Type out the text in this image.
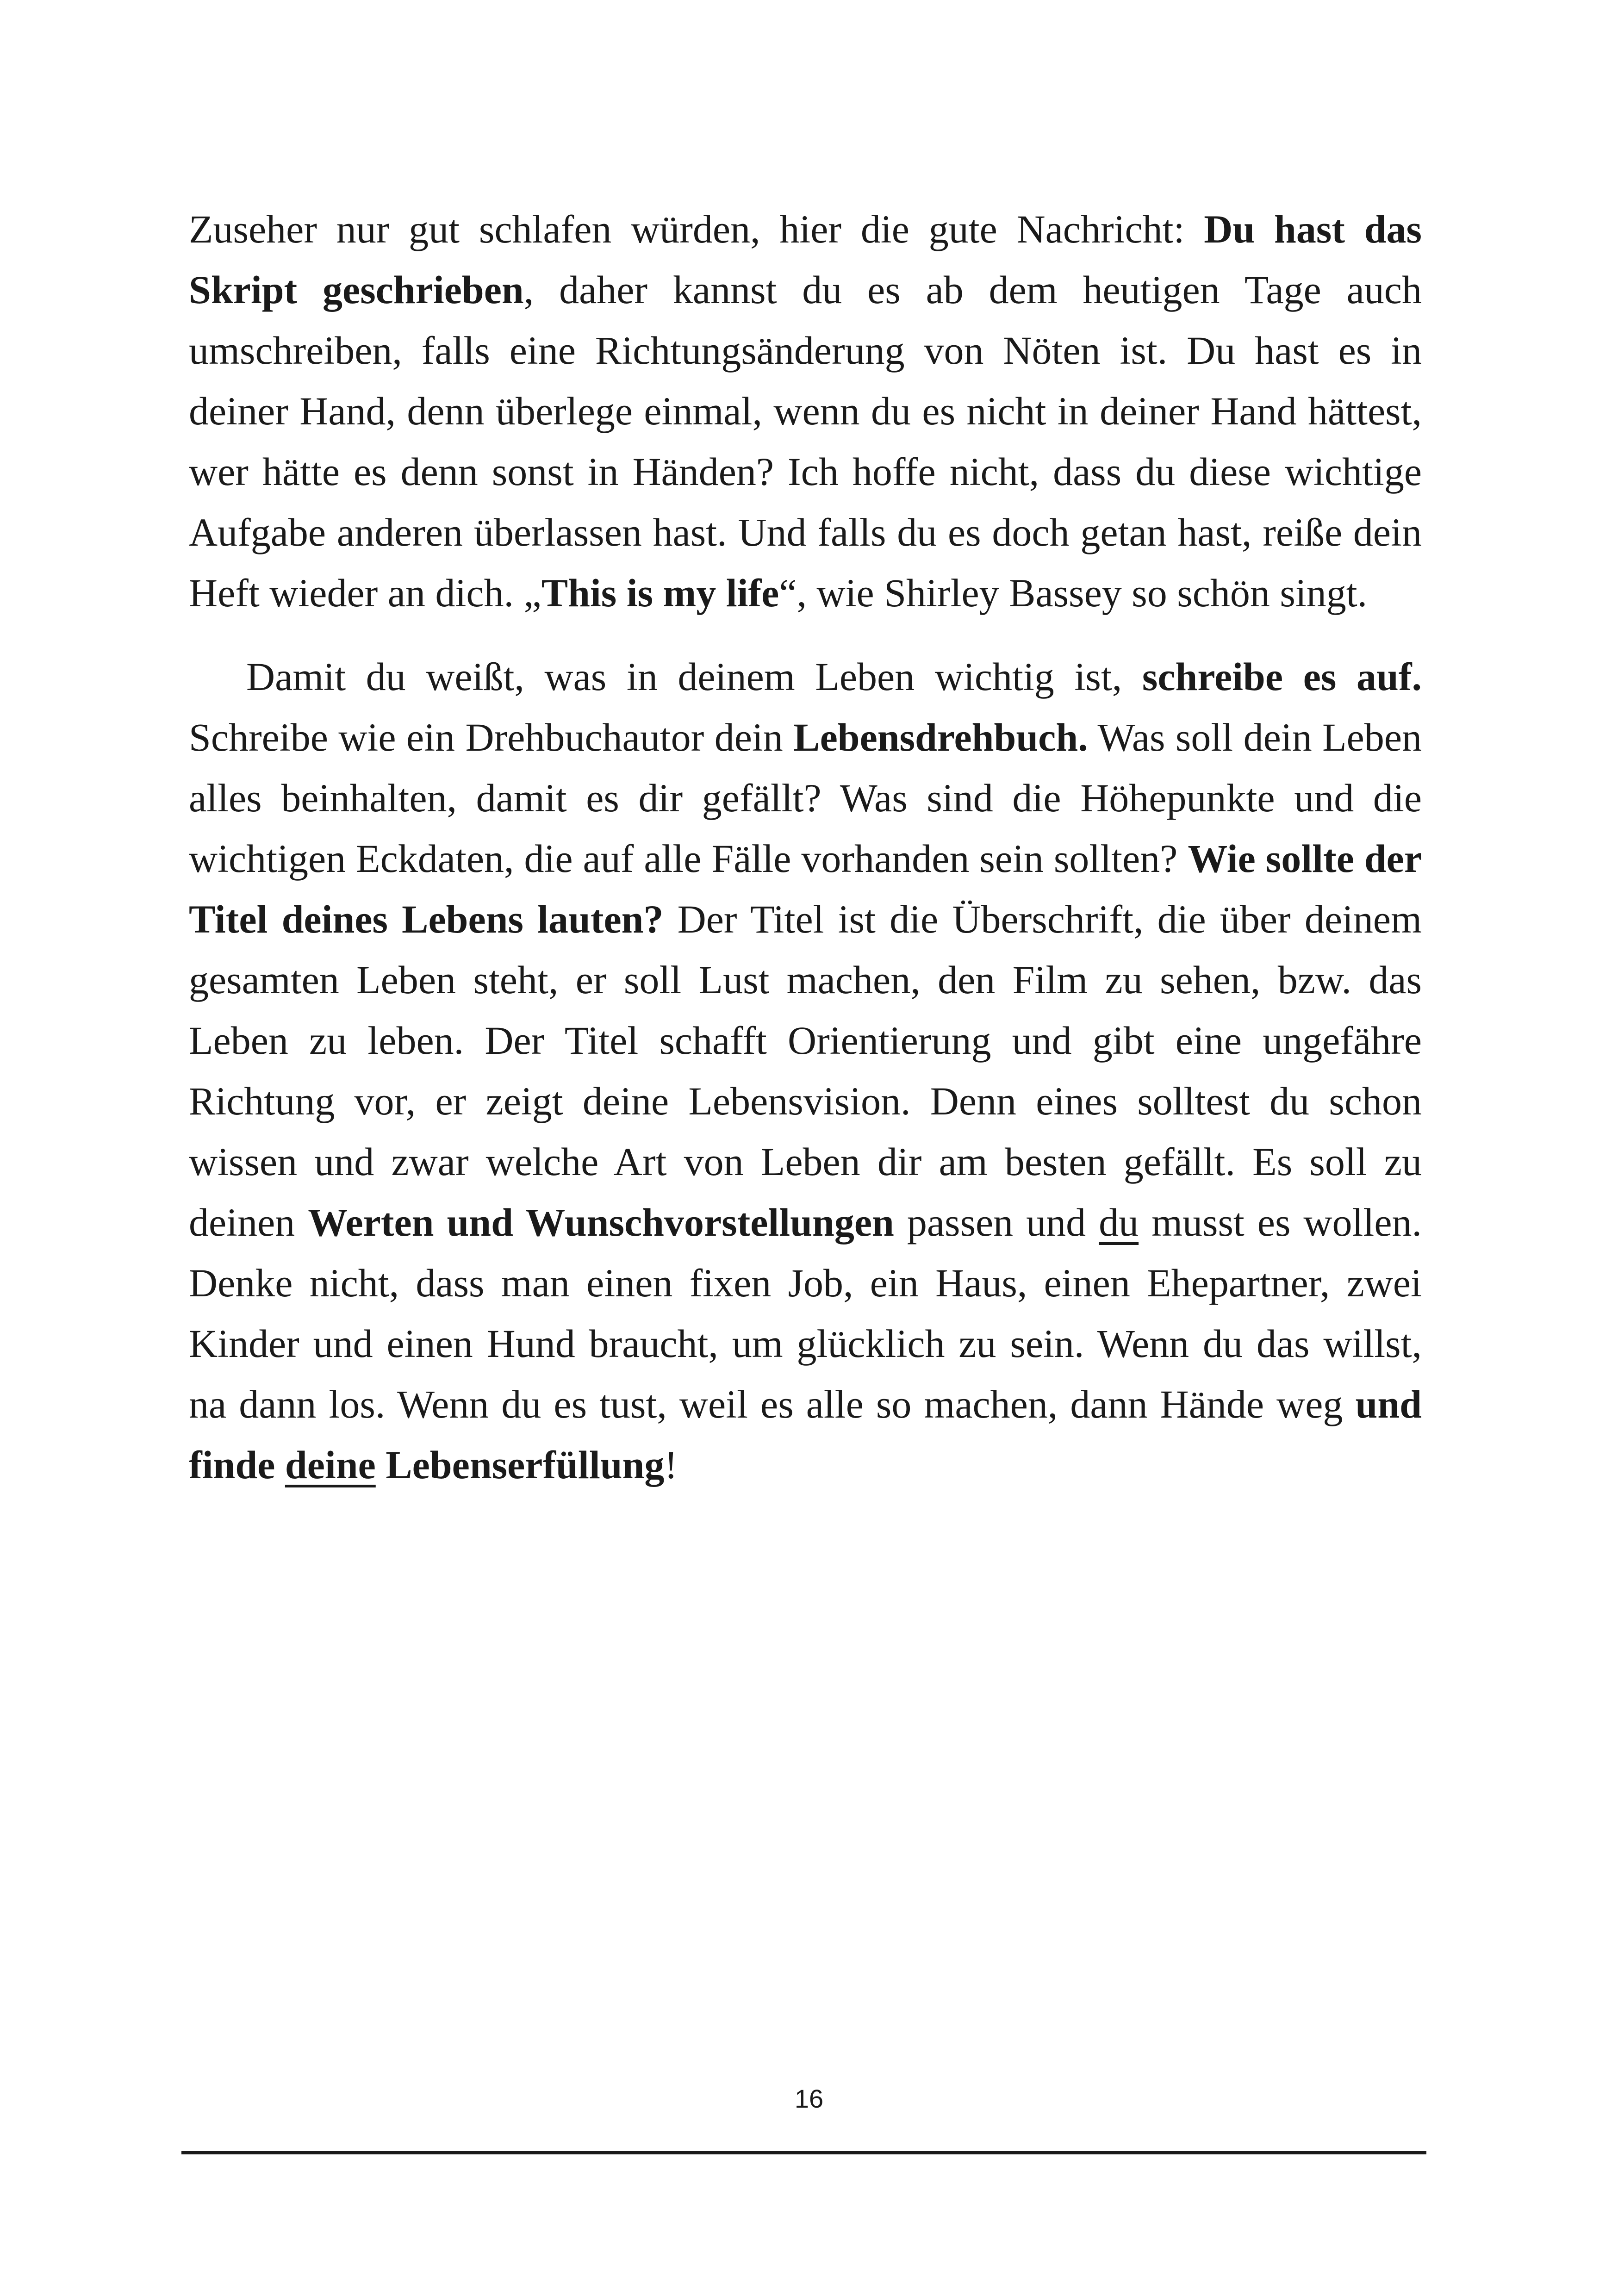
Zuseher nur gut schlafen würden, hier die gute Nachricht: Du hast das Skript geschrieben, daher kannst du es ab dem heutigen Tage auch umschreiben, falls eine Richtungsänderung von Nöten ist. Du hast es in deiner Hand, denn überlege einmal, wenn du es nicht in deiner Hand hättest, wer hätte es denn sonst in Händen? Ich hoffe nicht, dass du diese wichtige Aufgabe anderen überlassen hast. Und falls du es doch getan hast, reiße dein Heft wieder an dich. „This is my life“, wie Shirley Bassey so schön singt.

Damit du weißt, was in deinem Leben wichtig ist, schreibe es auf. Schreibe wie ein Drehbuchautor dein Lebensdrehbuch. Was soll dein Leben alles beinhalten, damit es dir gefällt? Was sind die Höhepunkte und die wichtigen Eckdaten, die auf alle Fälle vorhanden sein sollten? Wie sollte der Titel deines Lebens lauten? Der Titel ist die Überschrift, die über deinem gesamten Leben steht, er soll Lust machen, den Film zu sehen, bzw. das Leben zu leben. Der Titel schafft Orientierung und gibt eine ungefähre Richtung vor, er zeigt deine Lebensvision. Denn eines solltest du schon wissen und zwar welche Art von Leben dir am besten gefällt. Es soll zu deinen Werten und Wunschvorstellungen passen und du musst es wollen. Denke nicht, dass man einen fixen Job, ein Haus, einen Ehepartner, zwei Kinder und einen Hund braucht, um glücklich zu sein. Wenn du das willst, na dann los. Wenn du es tust, weil es alle so machen, dann Hände weg und finde deine Lebenserfüllung!

16
